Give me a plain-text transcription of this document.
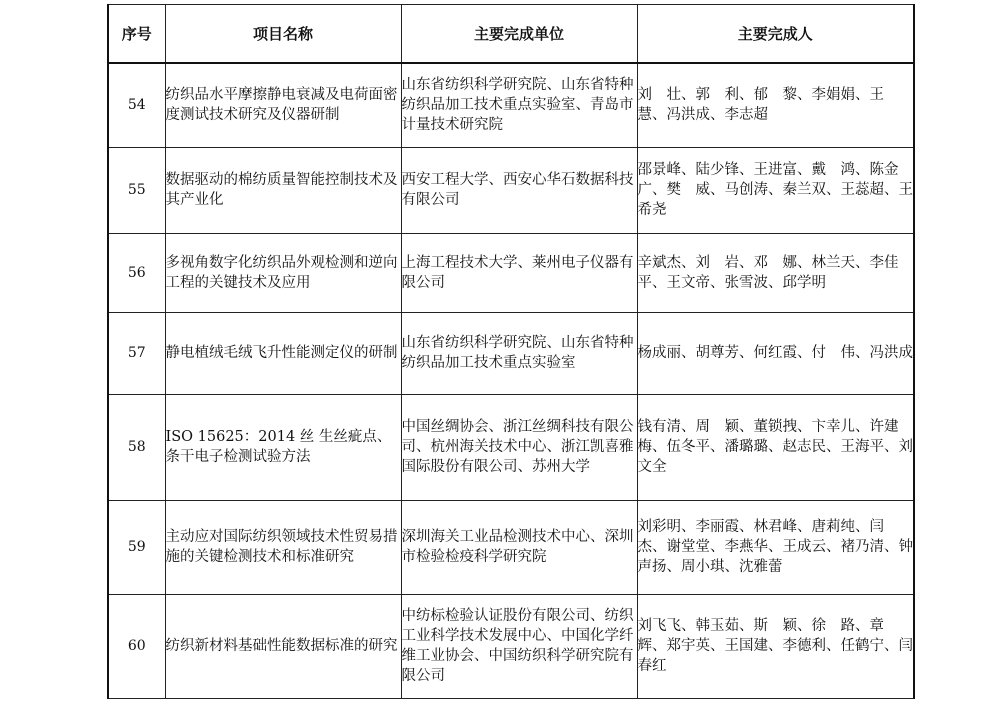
序号	项目名称	主要完成单位	主要完成人
54	纺织品水平摩擦静电衰减及电荷面密度测试技术研究及仪器研制	山东省纺织科学研究院、山东省特种纺织品加工技术重点实验室、青岛市计量技术研究院	刘　壮、郭　利、郁　黎、李娟娟、王　慧、冯洪成、李志超
55	数据驱动的棉纺质量智能控制技术及其产业化	西安工程大学、西安心华石数据科技有限公司	邵景峰、陆少锋、王进富、戴　鸿、陈金广、樊　威、马创涛、秦兰双、王蕊超、王希尧
56	多视角数字化纺织品外观检测和逆向工程的关键技术及应用	上海工程技术大学、莱州电子仪器有限公司	辛斌杰、刘　岩、邓　娜、林兰天、李佳平、王文帝、张雪波、邱学明
57	静电植绒毛绒飞升性能测定仪的研制	山东省纺织科学研究院、山东省特种纺织品加工技术重点实验室	杨成丽、胡尊芳、何红霞、付　伟、冯洪成
58	ISO 15625：2014 丝 生丝疵点、条干电子检测试验方法	中国丝绸协会、浙江丝绸科技有限公司、杭州海关技术中心、浙江凯喜雅国际股份有限公司、苏州大学	钱有清、周　颖、董锁拽、卞幸儿、许建梅、伍冬平、潘璐璐、赵志民、王海平、刘文全
59	主动应对国际纺织领域技术性贸易措施的关键检测技术和标准研究	深圳海关工业品检测技术中心、深圳市检验检疫科学研究院	刘彩明、李丽霞、林君峰、唐莉纯、闫　杰、谢堂堂、李燕华、王成云、褚乃清、钟声扬、周小琪、沈雅蕾
60	纺织新材料基础性能数据标准的研究	中纺标检验认证股份有限公司、纺织工业科学技术发展中心、中国化学纤维工业协会、中国纺织科学研究院有限公司	刘飞飞、韩玉茹、斯　颖、徐　路、章　辉、郑宇英、王国建、李德利、任鹤宁、闫春红
